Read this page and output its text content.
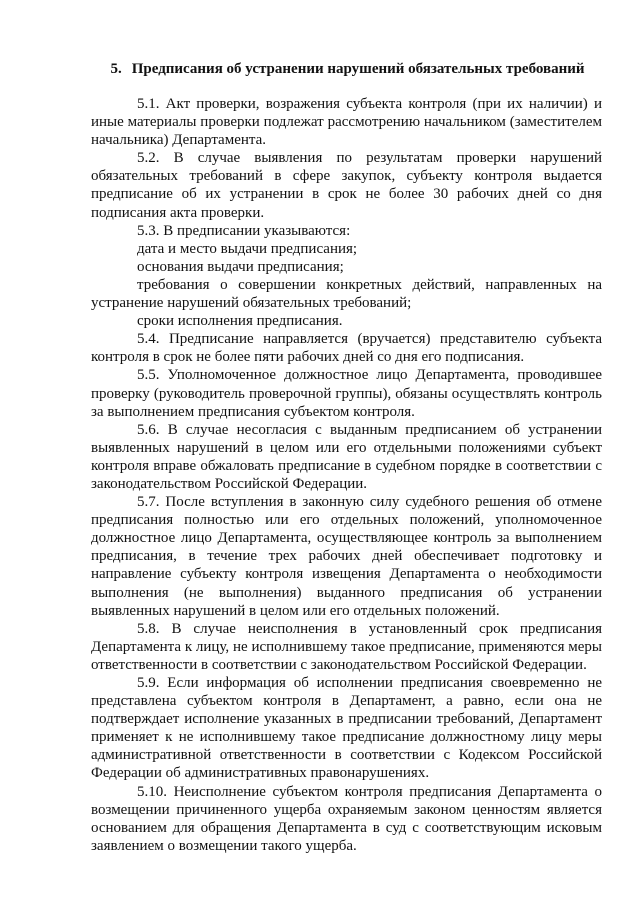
5. Предписания об устранении нарушений обязательных требований

5.1. Акт проверки, возражения субъекта контроля (при их наличии) и иные материалы проверки подлежат рассмотрению начальником (заместителем начальника) Департамента.

5.2. В случае выявления по результатам проверки нарушений обязательных требований в сфере закупок, субъекту контроля выдается предписание об их устранении в срок не более 30 рабочих дней со дня подписания акта проверки.

5.3. В предписании указываются:

дата и место выдачи предписания;

основания выдачи предписания;

требования о совершении конкретных действий, направленных на устранение нарушений обязательных требований;

сроки исполнения предписания.

5.4. Предписание направляется (вручается) представителю субъекта контроля в срок не более пяти рабочих дней со дня его подписания.

5.5. Уполномоченное должностное лицо Департамента, проводившее проверку (руководитель проверочной группы), обязаны осуществлять контроль за выполнением предписания субъектом контроля.

5.6. В случае несогласия с выданным предписанием об устранении выявленных нарушений в целом или его отдельными положениями субъект контроля вправе обжаловать предписание в судебном порядке в соответствии с законодательством Российской Федерации.

5.7. После вступления в законную силу судебного решения об отмене предписания полностью или его отдельных положений, уполномоченное должностное лицо Департамента, осуществляющее контроль за выполнением предписания, в течение трех рабочих дней обеспечивает подготовку и направление субъекту контроля извещения Департамента о необходимости выполнения (не выполнения) выданного предписания об устранении выявленных нарушений в целом или его отдельных положений.

5.8. В случае неисполнения в установленный срок предписания Департамента к лицу, не исполнившему такое предписание, применяются меры ответственности в соответствии с законодательством Российской Федерации.

5.9. Если информация об исполнении предписания своевременно не представлена субъектом контроля в Департамент, а равно, если она не подтверждает исполнение указанных в предписании требований, Департамент применяет к не исполнившему такое предписание должностному лицу меры административной ответственности в соответствии с Кодексом Российской Федерации об административных правонарушениях.

5.10. Неисполнение субъектом контроля предписания Департамента о возмещении причиненного ущерба охраняемым законом ценностям является основанием для обращения Департамента в суд с соответствующим исковым заявлением о возмещении такого ущерба.
